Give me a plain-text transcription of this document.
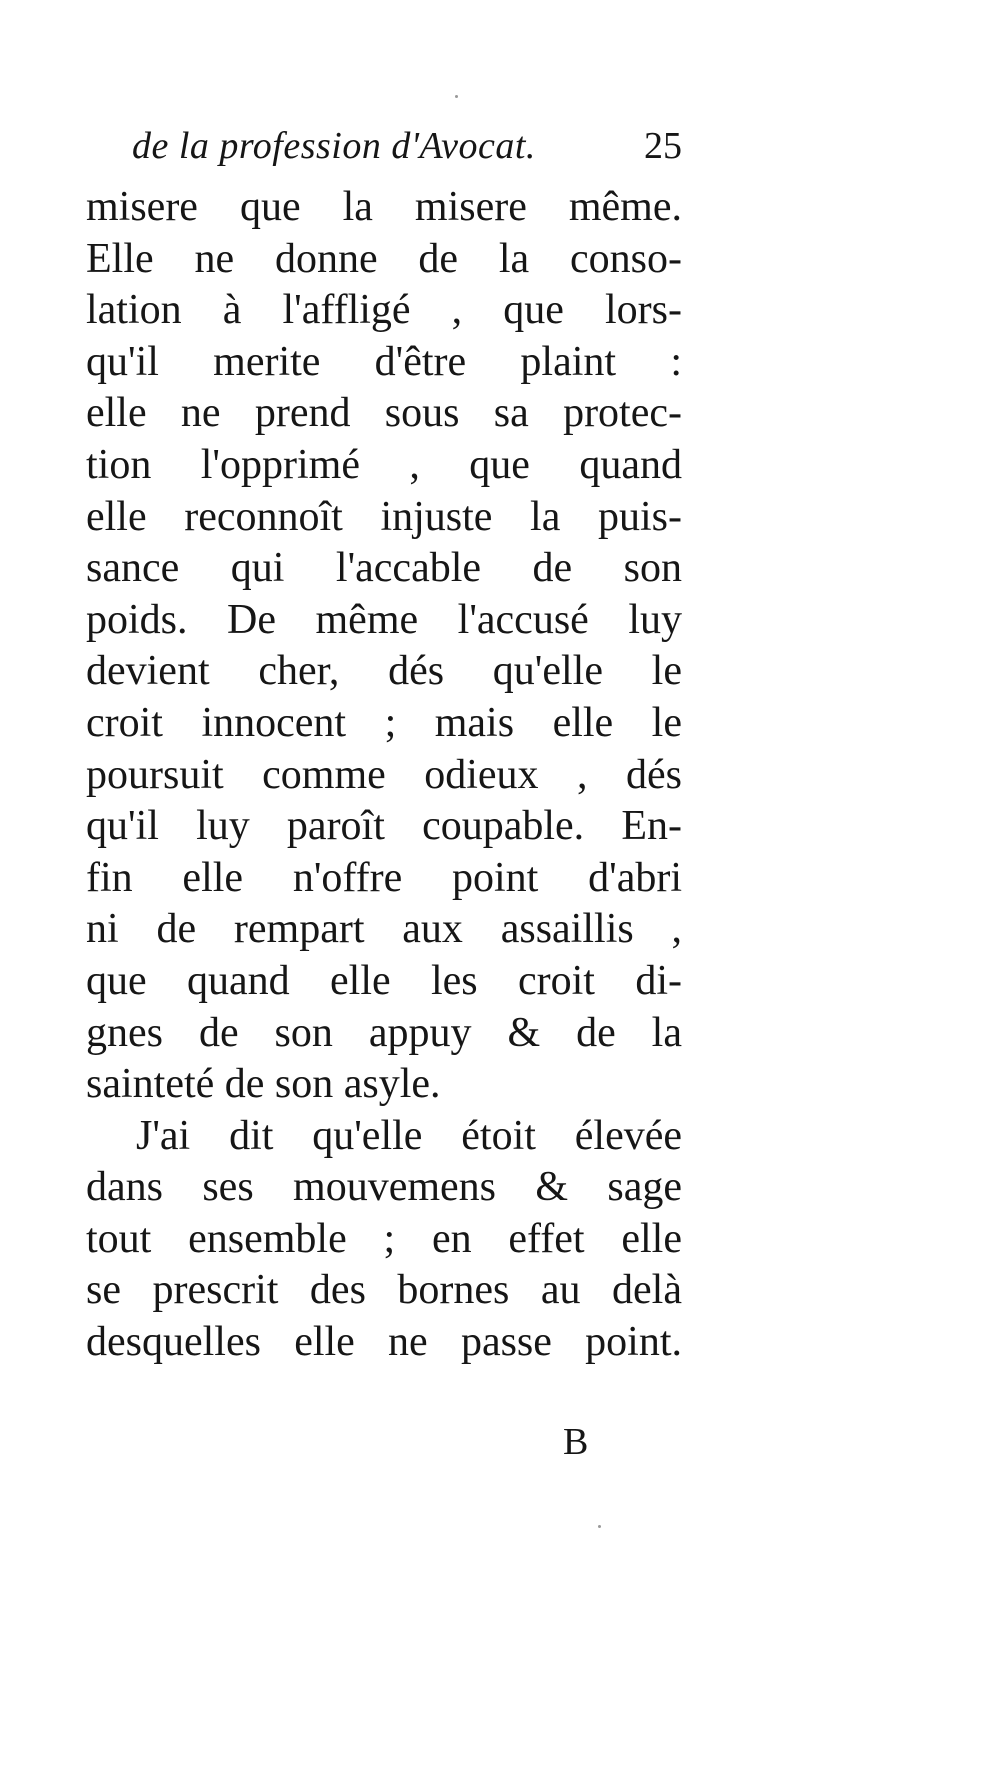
de la profession d'Avocat.	25
misere que la misere même.
Elle ne donne de la conso-
lation à l'affligé , que lors-
qu'il merite d'être plaint :
elle ne prend sous sa protec-
tion l'opprimé , que quand
elle reconnoît injuste la puis-
sance qui l'accable de son
poids. De même l'accusé luy
devient cher, dés qu'elle le
croit innocent ; mais elle le
poursuit comme odieux , dés
qu'il luy paroît coupable. En-
fin elle n'offre point d'abri
ni de rempart aux assaillis ,
que quand elle les croit di-
gnes de son appuy & de la
sainteté de son asyle.
J'ai dit qu'elle étoit élevée
dans ses mouvemens & sage
tout ensemble ; en effet elle
se prescrit des bornes au delà
desquelles elle ne passe point.
B
